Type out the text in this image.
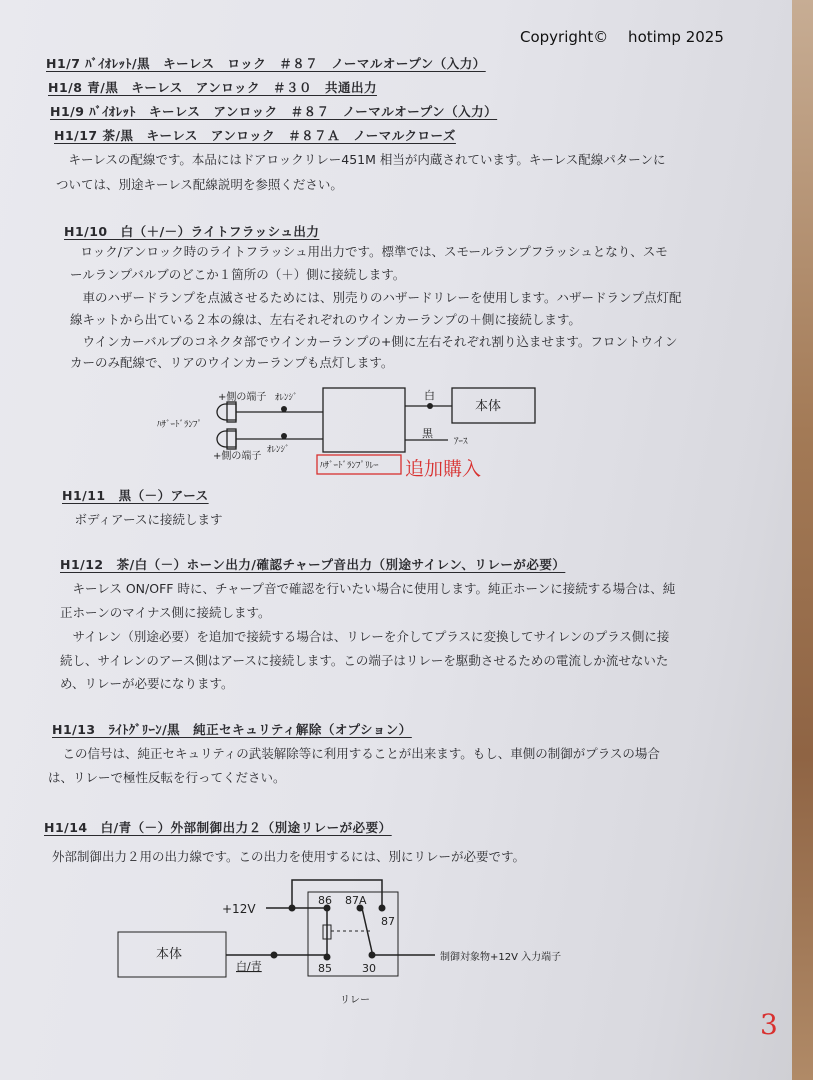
Copyright©　 hotimp 2025
H1/7 ﾊﾞｲｵﾚｯﾄ/黒　キーレス　ロック　＃８７　ノーマルオープン（入力）
H1/8 青/黒　キーレス　アンロック　＃３０　共通出力
H1/9 ﾊﾞｲｵﾚｯﾄ　キーレス　アンロック　＃８７　ノーマルオープン（入力）
H1/17 茶/黒　キーレス　アンロック　＃８７Ａ　ノーマルクローズ
　キーレスの配線です。本品にはドアロックリレー451M 相当が内蔵されています。キーレス配線パターンに
ついては、別途キーレス配線説明を参照ください。
H1/10　白（＋/－）ライトフラッシュ出力
　ロック/アンロック時のライトフラッシュ用出力です。標準では、スモールランプフラッシュとなり、スモ
ールランプバルブのどこか１箇所の（＋）側に接続します。
　車のハザードランプを点滅させるためには、別売りのハザードリレーを使用します。ハザードランプ点灯配
線キットから出ている２本の線は、左右それぞれのウインカーランプの＋側に接続します。
　ウインカーバルブのコネクタ部でウインカーランプの+側に左右それぞれ割り込ませます。フロントウイン
カーのみ配線で、リアのウインカーランプも点灯します。
+側の端子 ｵﾚﾝｼﾞ
ﾊｻﾞｰﾄﾞﾗﾝﾌﾟ
+側の端子
ｵﾚﾝｼﾞ
白
黒
ｱｰｽ
本体
ﾊｻﾞｰﾄﾞﾗﾝﾌﾟﾘﾚｰ 追加購入
+12V
本体
白/青
86 87A
87
85	30
制御対象物+12V 入力端子
リレー
H1/11　黒（－）アース
　ボディアースに接続します
H1/12　茶/白（－）ホーン出力/確認チャープ音出力（別途サイレン、リレーが必要）
　キーレス ON/OFF 時に、チャープ音で確認を行いたい場合に使用します。純正ホーンに接続する場合は、純
正ホーンのマイナス側に接続します。
　サイレン（別途必要）を追加で接続する場合は、リレーを介してプラスに変換してサイレンのプラス側に接
続し、サイレンのアース側はアースに接続します。この端子はリレーを駆動させるための電流しか流せないた
め、リレーが必要になります。
H1/13　ﾗｲﾄｸﾞﾘｰﾝ/黒　純正セキュリティ解除（オプション）
　この信号は、純正セキュリティの武装解除等に利用することが出来ます。もし、車側の制御がプラスの場合
は、リレーで極性反転を行ってください。
H1/14　白/青（－）外部制御出力２（別途リレーが必要）
外部制御出力２用の出力線です。この出力を使用するには、別にリレーが必要です。
3
